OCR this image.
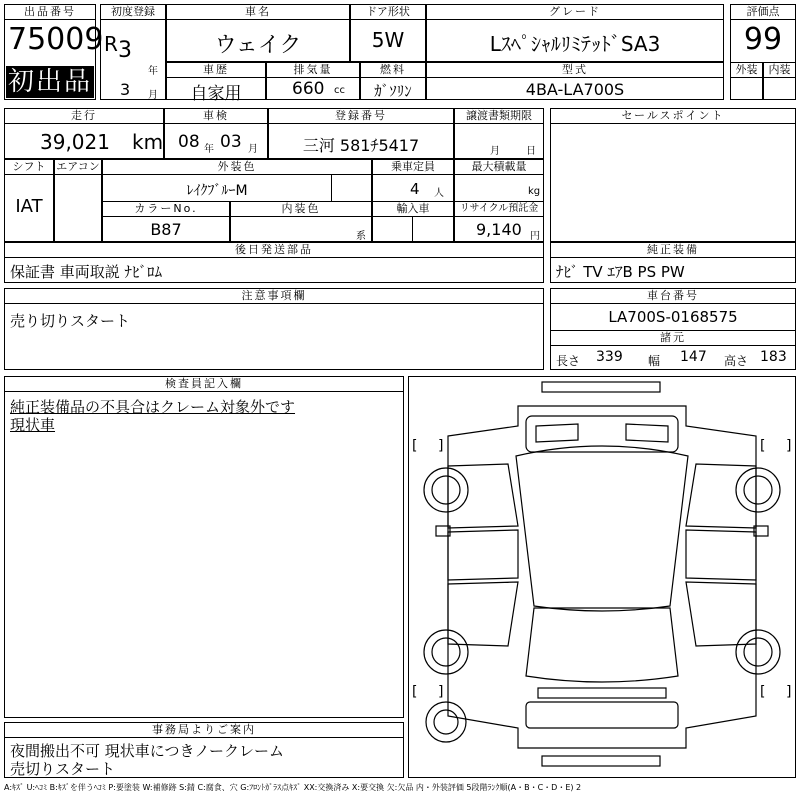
出品番号
75009
初出品
初度登録
R 3
年
3 月
車名
ウェイク
ドア形状
5W
グレード
LｽﾍﾟｼｬﾙﾘﾐﾃｯﾄﾞSA3
評価点
99
外装	内装
車歴
自家用
排気量
660 cc
燃料
ｶﾞｿﾘﾝ
型式
4BA-LA700S
走行
39,021 km
車検
08 年 03 月
登録番号
三河 581ﾁ5417
譲渡書類期限
月	日
セールスポイント
シフト
IAT
エアコン	外装色
ﾚｲｸﾌﾞﾙｰM
乗車定員
4 人
最大積載量
kg
カラーNo.
B87
内装色
系
輸入車	リサイクル預託金
9,140 円
後日発送部品
保証書 車両取説 ﾅﾋﾞﾛﾑ
純正装備
ﾅﾋﾞ TV ｴｱB PS PW
注意事項欄
売り切りスタート
車台番号
LA700S-0168575
諸元
長さ 339 幅 147 高さ 183
検査員記入欄
純正装備品の不具合はクレーム対象外です
現状車
事務局よりご案内
夜間搬出不可 現状車につきノークレーム
売切りスタート
A:ｷｽﾞ U:ﾍｺﾐ B:ｷｽﾞを伴うﾍｺﾐ P:要塗装 W:補修跡 S:錆 C:腐食、穴 G:ﾌﾛﾝﾄｶﾞﾗｽ点ｷｽﾞ XX:交換済み X:要交換 欠:欠品 内・外装評価 5段階ﾗﾝｸ順(A・B・C・D・E) 2
[ ]	[ ]
[ ]	[ ]
